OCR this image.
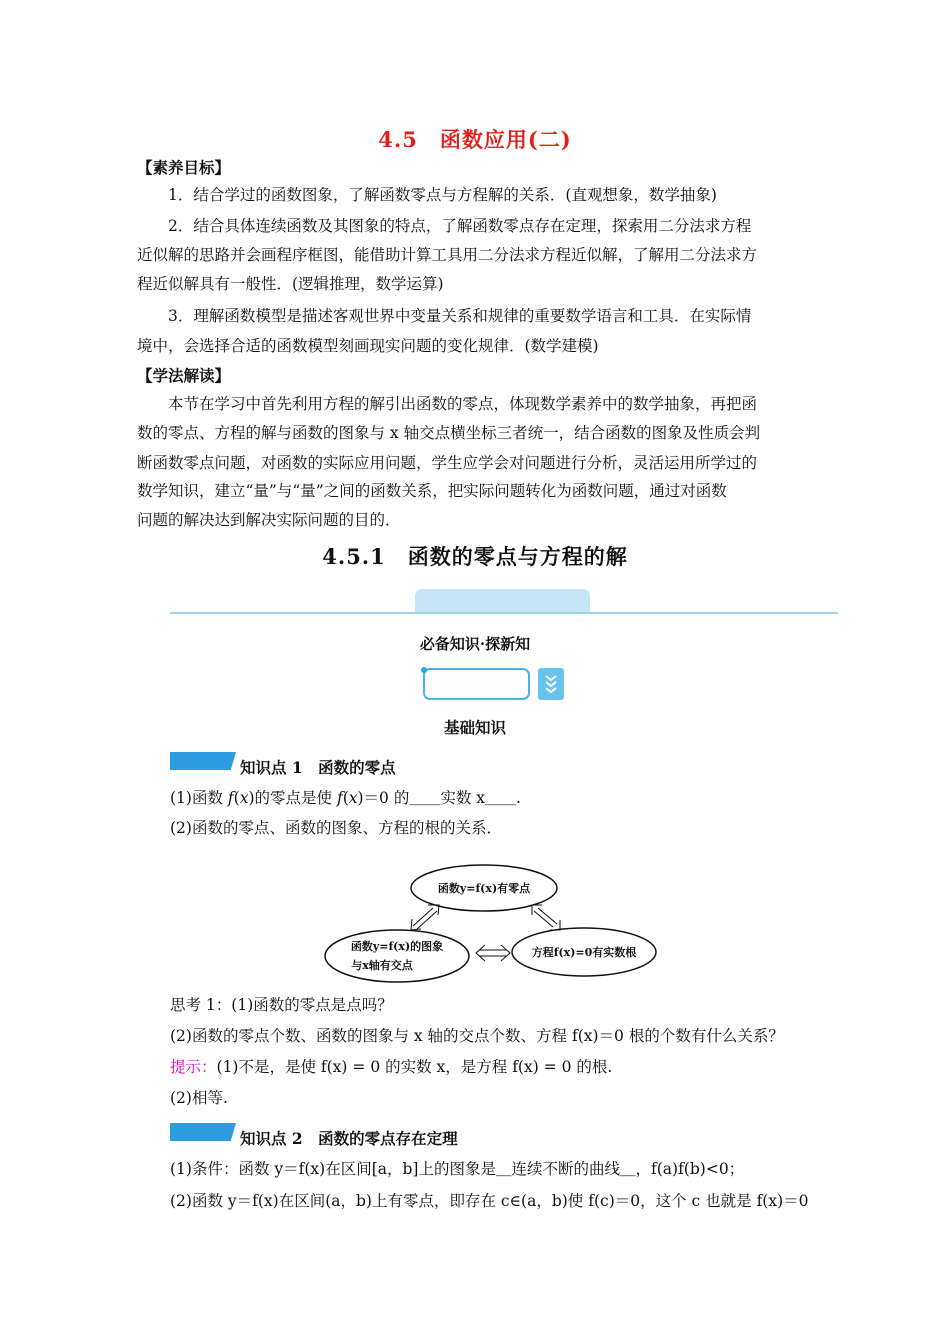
4.5　函数应用(二)
【素养目标】
1．结合学过的函数图象，了解函数零点与方程解的关系．(直观想象，数学抽象)
2．结合具体连续函数及其图象的特点，了解函数零点存在定理，探索用二分法求方程
近似解的思路并会画程序框图，能借助计算工具用二分法求方程近似解，了解用二分法求方
程近似解具有一般性．(逻辑推理，数学运算)
3．理解函数模型是描述客观世界中变量关系和规律的重要数学语言和工具．在实际情
境中，会选择合适的函数模型刻画现实问题的变化规律．(数学建模)
【学法解读】
本节在学习中首先利用方程的解引出函数的零点，体现数学素养中的数学抽象，再把函
数的零点、方程的解与函数的图象与 x 轴交点横坐标三者统一，结合函数的图象及性质会判
断函数零点问题，对函数的实际应用问题，学生应学会对问题进行分析，灵活运用所学过的
数学知识，建立“量”与“量”之间的函数关系，把实际问题转化为函数问题，通过对函数
问题的解决达到解决实际问题的目的．
4.5.1　函数的零点与方程的解
必备知识·探新知
基础知识
知识点 1　函数的零点
(1)函数 f(x)的零点是使 f(x)＝0 的＿＿实数 x＿＿.
(2)函数的零点、函数的图象、方程的根的关系．
函数y=f(x)有零点
函数y=f(x)的图象
与x轴有交点
方程f(x)=0有实数根
思考 1：(1)函数的零点是点吗？
(2)函数的零点个数、函数的图象与 x 轴的交点个数、方程 f(x)＝0 根的个数有什么关系？
提示：(1)不是，是使 f(x) = 0 的实数 x，是方程 f(x) = 0 的根.
(2)相等.
知识点 2　函数的零点存在定理
(1)条件：函数 y＝f(x)在区间[a，b]上的图象是＿连续不断的曲线＿，f(a)f(b)<0；
(2)函数 y＝f(x)在区间(a，b)上有零点，即存在 c∈(a，b)使 f(c)＝0，这个 c 也就是 f(x)＝0
